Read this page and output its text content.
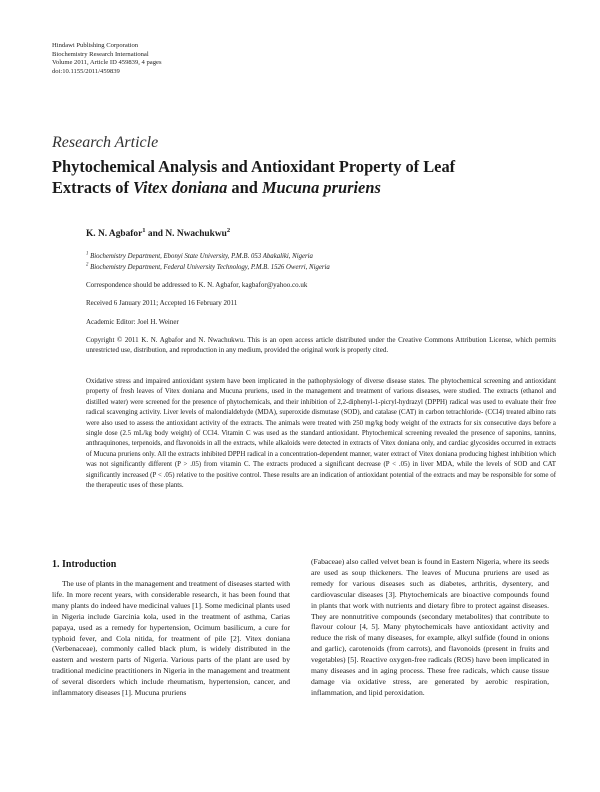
Hindawi Publishing Corporation
Biochemistry Research International
Volume 2011, Article ID 459839, 4 pages
doi:10.1155/2011/459839
Research Article
Phytochemical Analysis and Antioxidant Property of Leaf
Extracts of Vitex doniana and Mucuna pruriens
K. N. Agbafor$^1$ and N. Nwachukwu$^2$
$^1$ Biochemistry Department, Ebonyi State University, P.M.B. 053 Abakaliki, Nigeria
$^2$ Biochemistry Department, Federal University Technology, P.M.B. 1526 Owerri, Nigeria
Correspondence should be addressed to K. N. Agbafor, kagbafor@yahoo.co.uk
Received 6 January 2011; Accepted 16 February 2011
Academic Editor: Joel H. Weiner
Copyright © 2011 K. N. Agbafor and N. Nwachukwu. This is an open access article distributed under the Creative Commons Attribution License, which permits unrestricted use, distribution, and reproduction in any medium, provided the original work is properly cited.
Oxidative stress and impaired antioxidant system have been implicated in the pathophysiology of diverse disease states. The phytochemical screening and antioxidant property of fresh leaves of Vitex doniana and Mucuna pruriens, used in the management and treatment of various diseases, were studied. The extracts (ethanol and distilled water) were screened for the presence of phytochemicals, and their inhibition of 2,2-diphenyl-1-picryl-hydrazyl (DPPH) radical was used to evaluate their free radical scavenging activity. Liver levels of malondialdehyde (MDA), superoxide dismutase (SOD), and catalase (CAT) in carbon tetrachloride- (CCl4) treated albino rats were also used to assess the antioxidant activity of the extracts. The animals were treated with 250 mg/kg body weight of the extracts for six consecutive days before a single dose (2.5 mL/kg body weight) of CCl4. Vitamin C was used as the standard antioxidant. Phytochemical screening revealed the presence of saponins, tannins, anthraquinones, terpenoids, and flavonoids in all the extracts, while alkaloids were detected in extracts of Vitex doniana only, and cardiac glycosides occurred in extracts of Mucuna pruriens only. All the extracts inhibited DPPH radical in a concentration-dependent manner, water extract of Vitex doniana producing highest inhibition which was not significantly different (P > .05) from vitamin C. The extracts produced a significant decrease (P < .05) in liver MDA, while the levels of SOD and CAT significantly increased (P < .05) relative to the positive control. These results are an indication of antioxidant potential of the extracts and may be responsible for some of the therapeutic uses of these plants.
1. Introduction

The use of plants in the management and treatment of diseases started with life. In more recent years, with considerable research, it has been found that many plants do indeed have medicinal values [1]. Some medicinal plants used in Nigeria include Garcinia kola, used in the treatment of asthma, Carias papaya, used as a remedy for hypertension, Ocimum basilicum, a cure for typhoid fever, and Cola nitida, for treatment of pile [2]. Vitex doniana (Verbenaceae), commonly called black plum, is widely distributed in the eastern and western parts of Nigeria. Various parts of the plant are used by traditional medicine practitioners in Nigeria in the management and treatment of several disorders which include rheumatism, hypertension, cancer, and inflammatory diseases [1]. Mucuna pruriens

(Fabaceae) also called velvet bean is found in Eastern Nigeria, where its seeds are used as soup thickeners. The leaves of Mucuna pruriens are used as remedy for various diseases such as diabetes, arthritis, dysentery, and cardiovascular diseases [3]. Phytochemicals are bioactive compounds found in plants that work with nutrients and dietary fibre to protect against diseases. They are nonnutritive compounds (secondary metabolites) that contribute to flavour colour [4, 5]. Many phytochemicals have antioxidant activity and reduce the risk of many diseases, for example, alkyl sulfide (found in onions and garlic), carotenoids (from carrots), and flavonoids (present in fruits and vegetables) [5]. Reactive oxygen-free radicals (ROS) have been implicated in many diseases and in aging process. These free radicals, which cause tissue damage via oxidative stress, are generated by aerobic respiration, inflammation, and lipid peroxidation.
